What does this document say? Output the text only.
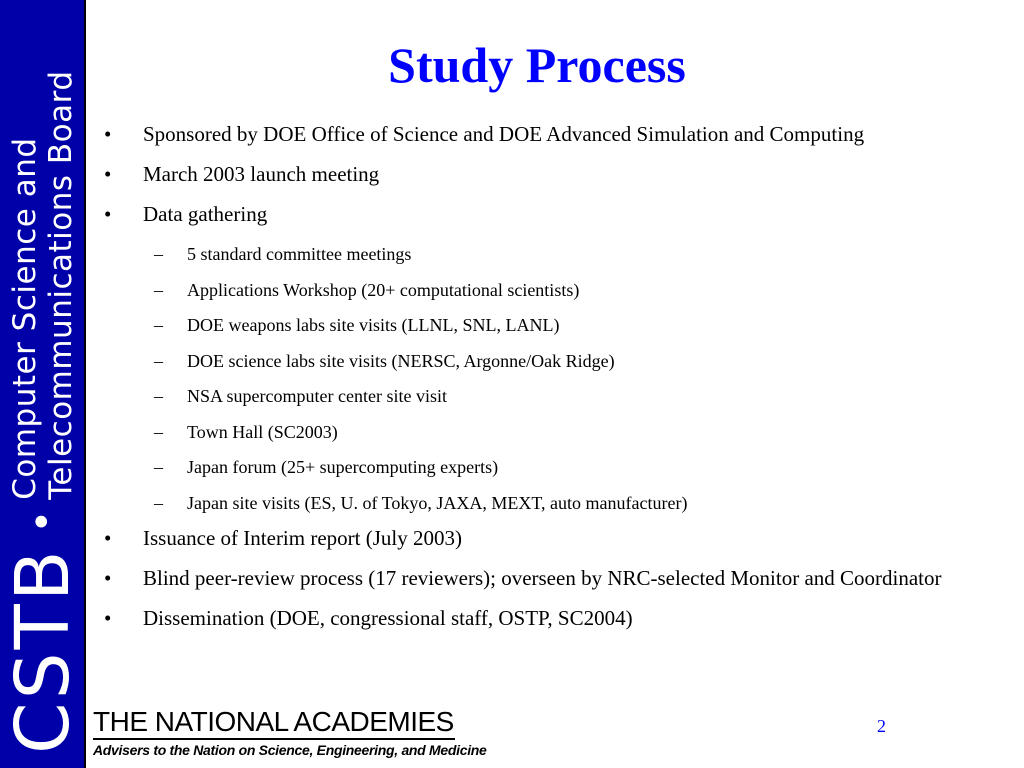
CSTB
•
Computer Science and Telecommunications Board
Study Process
•	Sponsored by DOE Office of Science and DOE Advanced Simulation and Computing
•	March 2003 launch meeting
•	Data gathering
–	5 standard committee meetings
–	Applications Workshop (20+ computational scientists)
–	DOE weapons labs site visits (LLNL, SNL, LANL)
–	DOE science labs site visits (NERSC, Argonne/Oak Ridge)
–	NSA supercomputer center site visit
–	Town Hall (SC2003)
–	Japan forum (25+ supercomputing experts)
–	Japan site visits (ES, U. of Tokyo, JAXA, MEXT, auto manufacturer)
•	Issuance of Interim report (July 2003)
•	Blind peer-review process (17 reviewers); overseen by NRC-selected Monitor and Coordinator
•	Dissemination (DOE, congressional staff, OSTP, SC2004)
THE NATIONAL ACADEMIES
Advisers to the Nation on Science, Engineering, and Medicine
2
